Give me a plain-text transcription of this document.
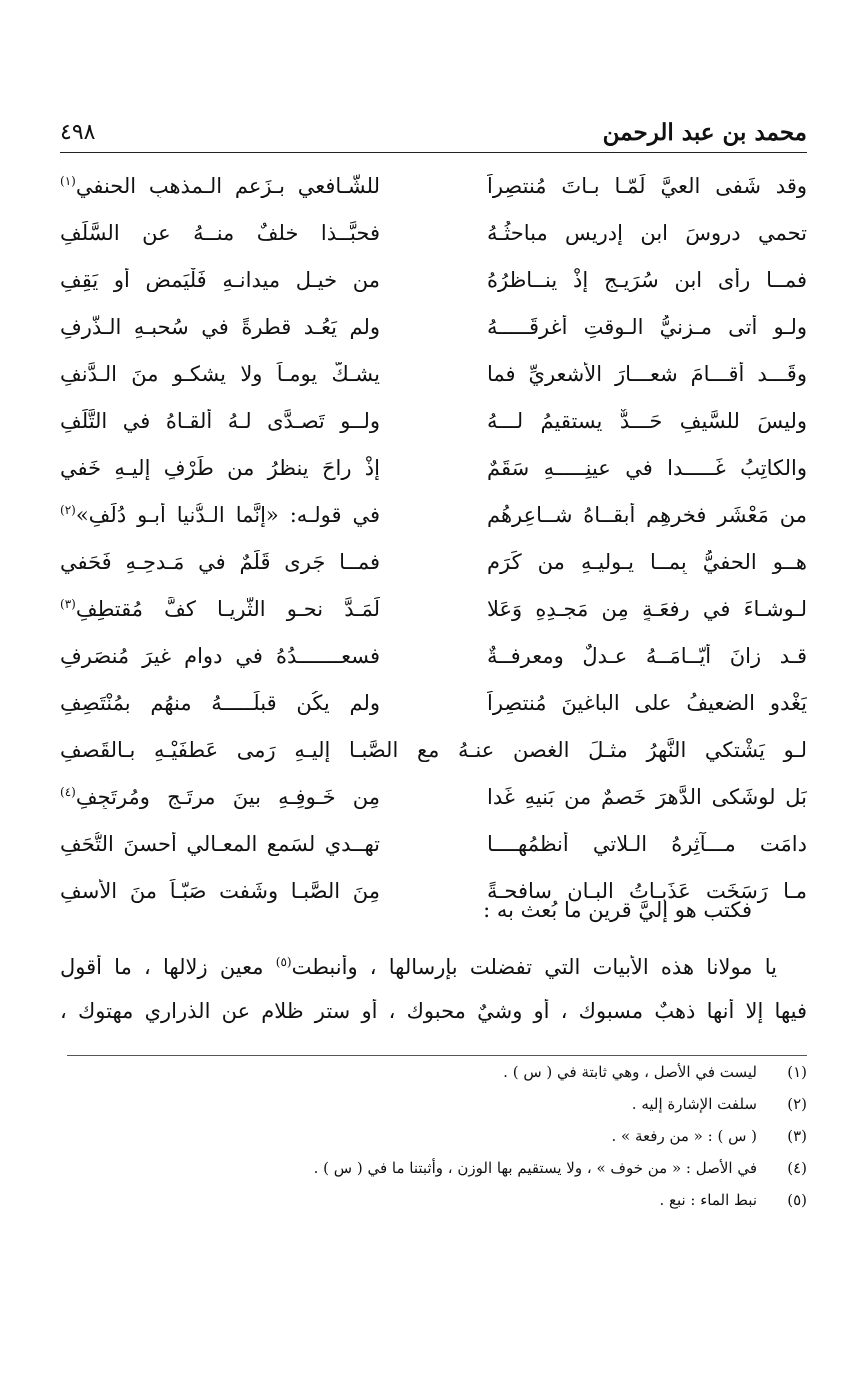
محمد بن عبد الرحمن
٤٩٨
وقد شَفى العيَّ لَمّـا بـاتَ مُنتصِراً
للشّـافعي بـزَعم الـمذهبِ الحنفي$^{(١)}$
تحمي دروسَ ابن إدريس مباحثُـهُ
فحبَّــذا خلفٌ منــهُ عن السَّلَفِ
فمــا رأى ابن سُرَيـجٍ إذْ ينــاظرُهُ
من خيـلِ ميدانـهِ فَلْيَمضِ أو يَقِفِ
ولـو أتى مـزنيُّ الـوقتِ أغرقَـــــهُ
ولم يَعُـد قطرةً في سُحبـهِ الـذُّرفِ
وقَـــد أقـــامَ شعـــارَ الأشعريِّ فما
يشـكُّ يومـاً ولا يشكـو منَ الـدَّنفِ
وليسَ للسَّيفِ حَـــدٌّ يستقيمُ لـــهُ
ولــو تَصـدَّى لـهُ ألقـاهُ في التَّلَفِ
والكاتِبُ غَـــــدا في عينِـــــهِ سَقَمٌ
إذْ راحَ ينظرُ من طَرْفٍ إليـهِ خَفي
من مَعْشَرٍ فخرِهِم أبقــاهُ شــاعِرهُم
في قولـه: «إنَّما الـدُّنيا أبـو دُلَفِ»$^{(٢)}$
هــو الحفيُّ بِمــا يـوليـهِ من كَرَمٍ
فمــا جَرى قَلَمٌ في مَـدحِـهِ فَحَفي
لـوشـاءَ في رفعَـةٍ مِن مَجـدِهِ وَعَلا
لَمَـدَّ نحـو الثُّريـا كفَّ مُقتطِفِ$^{(٣)}$
قـد زانَ أيّــامَــهُ عـدلٌ ومعرفــةٌ
فسعـــــــدُهُ في دوامٍ غيرَ مُنصَرِفِ
يَغْدو الضعيفُ على الباغينَ مُنتصِراً
ولم يكُن قبلَـــــهُ منهُم بمُنْتَصِفِ
لـو يَشْتكي النَّهرُ مثـلَ الغصنِ عنـهُ مع الصَّبـا إليـهِ رَمى عَطفَيْـهِ بـالقَصفِ
بَل لوشَكى الدَّهرَ خَصمٌ من بَنيهِ غَدا
مِن خَـوفِـهِ بينَ مرتَـجٍ ومُرتَجِفِ$^{(٤)}$
دامَت مـــآثِرهُ الـلاتي أنظمُهــــا
تهــدي لسَمعِ المعـالي أحسنَ التُّحَفِ
مـا رَسَخَت عَذَبـاتُ البـانِ سافحـةً
مِنَ الصَّبـا وشَفت صَبّـاً منَ الأسفِ
فكتب هو إليَّ قرين ما بُعث به :
يا مولانا هذه الأبيات التي تفضلت بإرسالها ، وأنبطت$^{(٥)}$ معين زلالها ، ما أقول
فيها إلا أنها ذهبٌ مسبوك ، أو وشيٌ محبوك ، أو ستر ظلام عن الذراري مهتوك ،
(١)
ليست في الأصل ، وهي ثابتة في ( س ) .
(٢)
سلفت الإشارة إليه .
(٣)
( س ) : « من رفعة » .
(٤)
في الأصل : « من خوف » ، ولا يستقيم بها الوزن ، وأثبتنا ما في ( س ) .
(٥)
نبط الماء : نبع .
